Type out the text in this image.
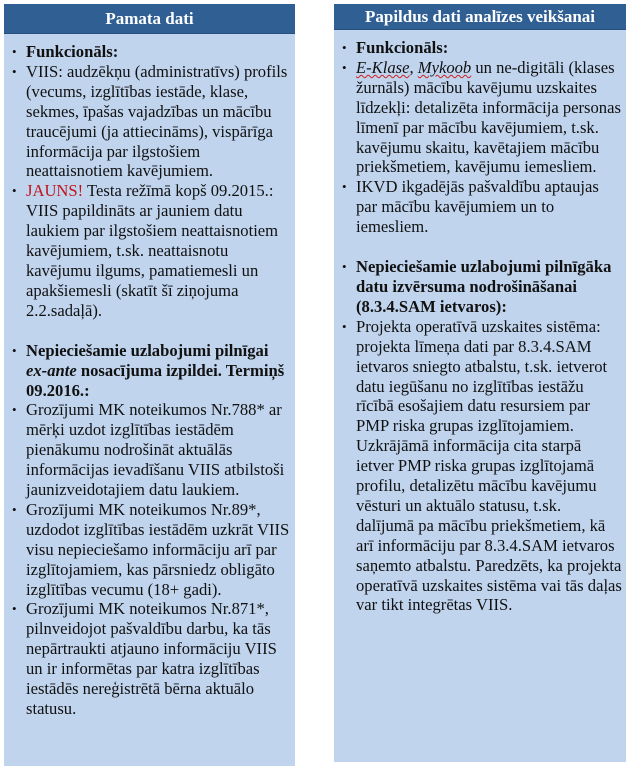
Pamata dati
• Funkcionāls:
• VIIS: audzēkņu (administratīvs) profils (vecums, izglītības iestāde, klase, sekmes, īpašas vajadzības un mācību traucējumi (ja attiecināms), vispārīga informācija par ilgstošiem neattaisnotiem kavējumiem.
• JAUNS! Testa režīmā kopš 09.2015.: VIIS papildināts ar jauniem datu laukiem par ilgstošiem neattaisnotiem kavējumiem, t.sk. neattaisnotu kavējumu ilgums, pamatiemesli un apakšiemesli (skatīt šī ziņojuma 2.2.sadaļā).
• Nepieciešamie uzlabojumi pilnīgai ex-ante nosacījuma izpildei. Termiņš 09.2016.:
• Grozījumi MK noteikumos Nr.788* ar mērķi uzdot izglītības iestādēm pienākumu nodrošināt aktuālās informācijas ievadīšanu VIIS atbilstoši jaunizveidotajiem datu laukiem.
• Grozījumi MK noteikumos Nr.89*, uzdodot izglītības iestādēm uzkrāt VIIS visu nepieciešamo informāciju arī par izglītojamiem, kas pārsniedz obligāto izglītības vecumu (18+ gadi).
• Grozījumi MK noteikumos Nr.871*, pilnveidojot pašvaldību darbu, ka tās nepārtraukti atjauno informāciju VIIS un ir informētas par katra izglītības iestādēs nereģistrētā bērna aktuālo statusu.
Papildus dati analīzes veikšanai
• Funkcionāls:
• E-Klase, Mykoob un ne-digitāli (klases žurnāls) mācību kavējumu uzskaites līdzekļi: detalizēta informācija personas līmenī par mācību kavējumiem, t.sk. kavējumu skaitu, kavētajiem mācību priekšmetiem, kavējumu iemesliem.
• IKVD ikgadējās pašvaldību aptaujas par mācību kavējumiem un to iemesliem.
• Nepieciešamie uzlabojumi pilnīgāka datu izvērsuma nodrošināšanai (8.3.4.SAM ietvaros):
• Projekta operatīvā uzskaites sistēma: projekta līmeņa dati par 8.3.4.SAM ietvaros sniegto atbalstu, t.sk. ietverot datu iegūšanu no izglītības iestāžu rīcībā esošajiem datu resursiem par PMP riska grupas izglītojamiem. Uzkrājāmā informācija cita starpā ietver PMP riska grupas izglītojamā profilu, detalizētu mācību kavējumu vēsturi un aktuālo statusu, t.sk. dalījumā pa mācību priekšmetiem, kā arī informāciju par 8.3.4.SAM ietvaros saņemto atbalstu. Paredzēts, ka projekta operatīvā uzskaites sistēma vai tās daļas var tikt integrētas VIIS.
